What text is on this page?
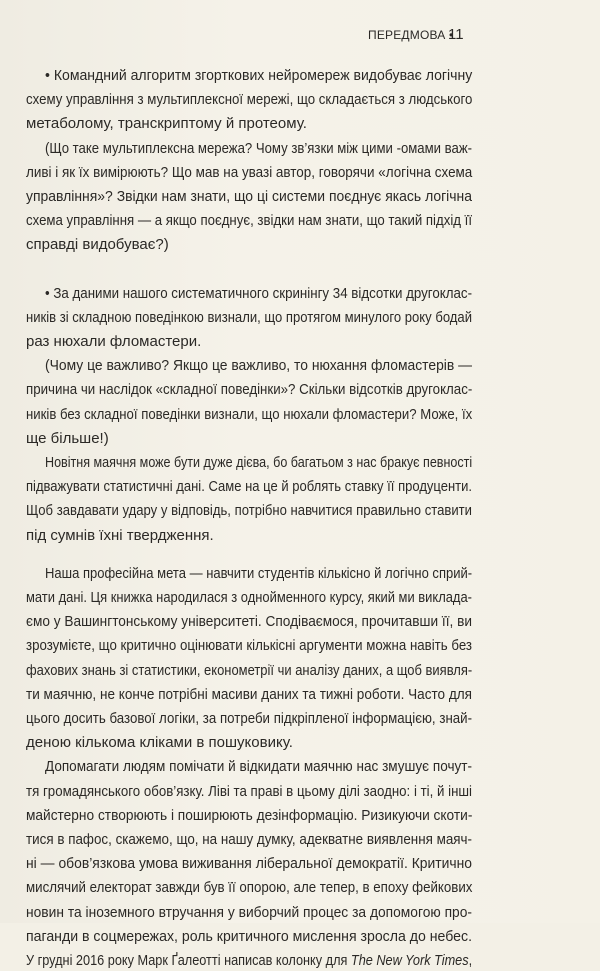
ПЕРЕДМОВА •
11
• Командний алгоритм згорткових нейромереж видобуває логічну
схему управління з мультиплексної мережі, що складається з людського
метаболому, транскриптому й протеому.
(Що таке мультиплексна мережа? Чому зв’язки між цими -омами важ-
ливі і як їх вимірюють? Що мав на увазі автор, говорячи «логічна схема
управління»? Звідки нам знати, що ці системи поєднує якась логічна
схема управління — а якщо поєднує, звідки нам знати, що такий підхід її
справді видобуває?)
• За даними нашого систематичного скринінгу 34 відсотки другоклас-
ників зі складною поведінкою визнали, що протягом минулого року бодай
раз нюхали фломастери.
(Чому це важливо? Якщо це важливо, то нюхання фломастерів —
причина чи наслідок «складної поведінки»? Скільки відсотків другоклас-
ників без складної поведінки визнали, що нюхали фломастери? Може, їх
ще більше!)
Новітня маячня може бути дуже дієва, бо багатьом з нас бракує певності
підважувати статистичні дані. Саме на це й роблять ставку її продуценти.
Щоб завдавати удару у відповідь, потрібно навчитися правильно ставити
під сумнів їхні твердження.
Наша професійна мета — навчити студентів кількісно й логічно сприй-
мати дані. Ця книжка народилася з однойменного курсу, який ми виклада-
ємо у Вашингтонському університеті. Сподіваємося, прочитавши її, ви
зрозумієте, що критично оцінювати кількісні аргументи можна навіть без
фахових знань зі статистики, економетрії чи аналізу даних, а щоб виявля-
ти маячню, не конче потрібні масиви даних та тижні роботи. Часто для
цього досить базової логіки, за потреби підкріпленої інформацією, знай-
деною кількома кліками в пошуковику.
Допомагати людям помічати й відкидати маячню нас змушує почут-
тя громадянського обов’язку. Ліві та праві в цьому ділі заодно: і ті, й інші
майстерно створюють і поширюють дезінформацію. Ризикуючи скоти-
тися в пафос, скажемо, що, на нашу думку, адекватне виявлення маяч-
ні — обов’язкова умова виживання ліберальної демократії. Критично
мислячий електорат завжди був її опорою, але тепер, в епоху фейкових
новин та іноземного втручання у виборчий процес за допомогою про-
паганди в соцмережах, роль критичного мислення зросла до небес.
У грудні 2016 року Марк Ґалеотті написав колонку для The New York Times,
